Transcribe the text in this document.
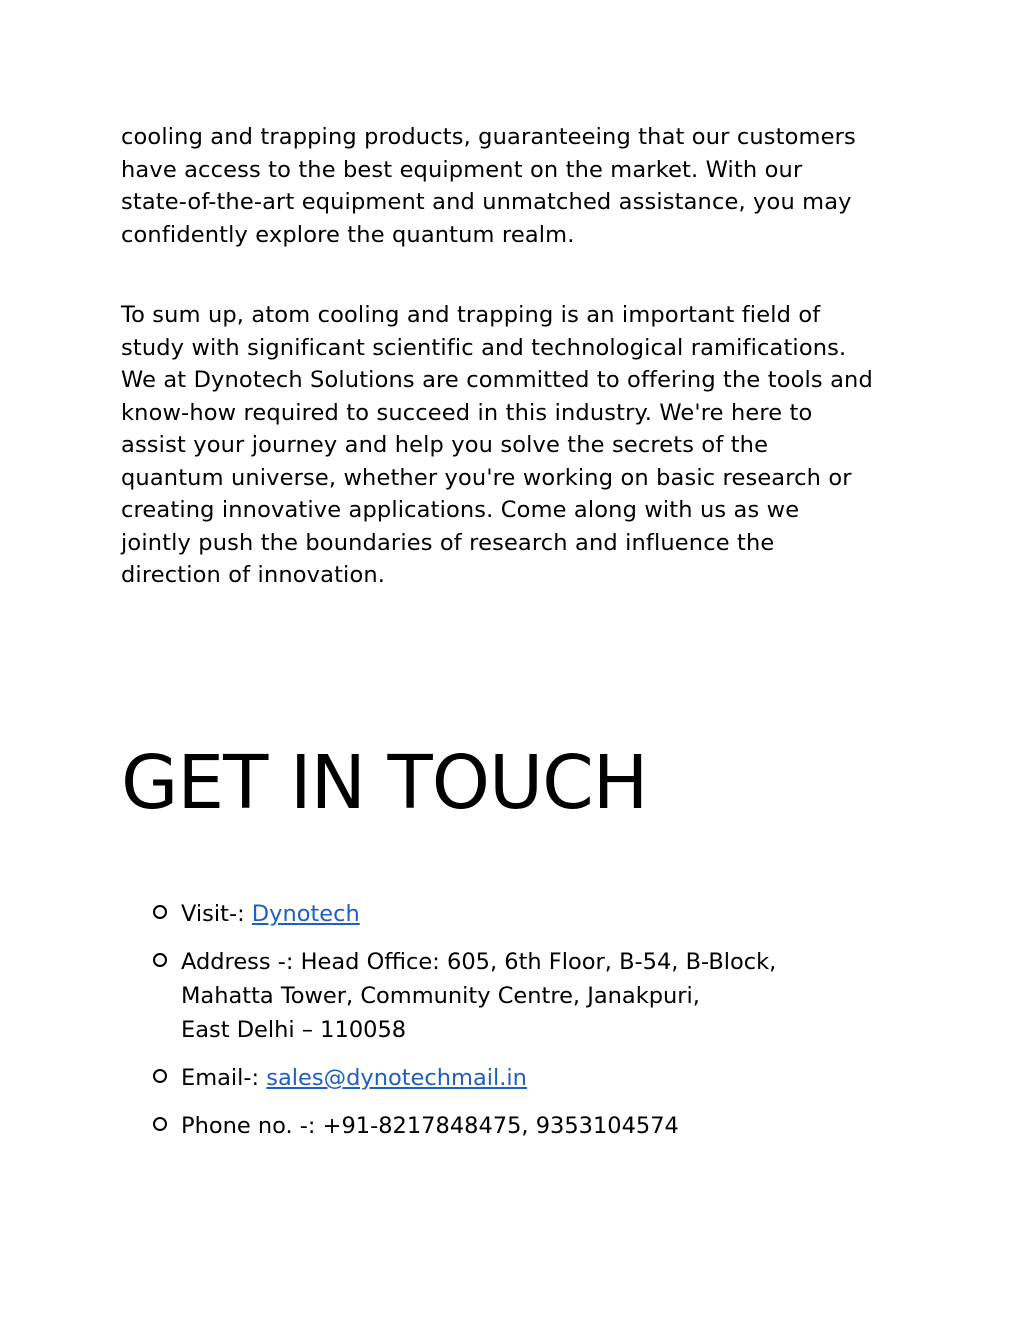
cooling and trapping products, guaranteeing that our customers
have access to the best equipment on the market. With our
state-of-the-art equipment and unmatched assistance, you may
confidently explore the quantum realm.

To sum up, atom cooling and trapping is an important field of
study with significant scientific and technological ramifications.
We at Dynotech Solutions are committed to offering the tools and
know-how required to succeed in this industry. We're here to
assist your journey and help you solve the secrets of the
quantum universe, whether you're working on basic research or
creating innovative applications. Come along with us as we
jointly push the boundaries of research and influence the
direction of innovation.

GET IN TOUCH
Visit-: Dynotech
Address -: Head Office: 605, 6th Floor, B-54, B-Block,
Mahatta Tower, Community Centre, Janakpuri,
East Delhi – 110058
Email-: sales@dynotechmail.in
Phone no. -: +91-8217848475, 9353104574
